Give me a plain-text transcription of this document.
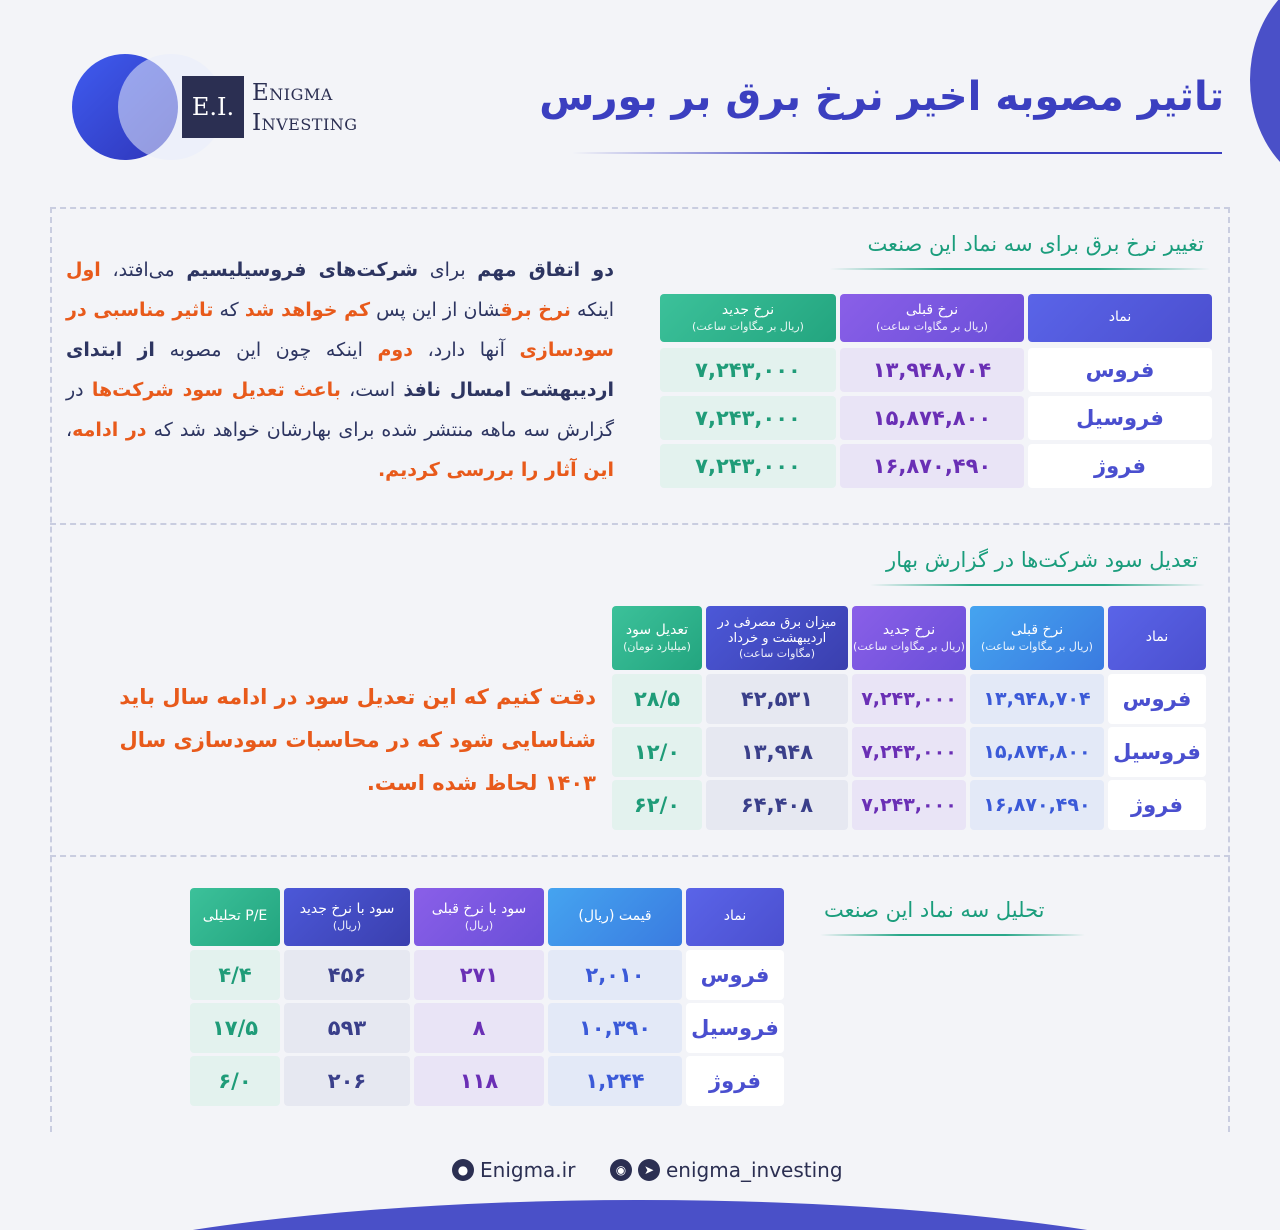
E.I. Enigma
Investing
تاثیر مصوبه اخیر نرخ برق بر بورس
تغییر نرخ برق برای سه نماد این صنعت
دو اتفاق مهم برای شرکت‌های فروسیلیسیم می‌افتد، اول اینکه نرخ برقشان از این پس کم خواهد شد که تاثیر مناسبی در سودسازی آنها دارد، دوم اینکه چون این مصوبه از ابتدای اردیبهشت امسال نافذ است، باعث تعدیل سود شرکت‌ها در گزارش سه ماهه منتشر شده برای بهارشان خواهد شد که در ادامه، این آثار را بررسی کردیم.
نماد
نرخ قبلی
(ریال بر مگاوات ساعت)
نرخ جدید
(ریال بر مگاوات ساعت)
فروس
۱۳,۹۴۸,۷۰۴
۷,۲۴۳,۰۰۰
فروسیل
۱۵,۸۷۴,۸۰۰
۷,۲۴۳,۰۰۰
فروژ
۱۶,۸۷۰,۴۹۰
۷,۲۴۳,۰۰۰
تعدیل سود شرکت‌ها در گزارش بهار
دقت کنیم که این تعدیل سود در ادامه سال باید شناسایی شود که در محاسبات سودسازی سال ۱۴۰۳ لحاظ شده است.
نماد
نرخ قبلی
(ریال بر مگاوات ساعت)
نرخ جدید
(ریال بر مگاوات ساعت)
میزان برق مصرفی در اردیبهشت و خرداد
(مگاوات ساعت)
تعدیل سود
(میلیارد تومان)
فروس
۱۳,۹۴۸,۷۰۴
۷,۲۴۳,۰۰۰
۴۲,۵۳۱
۲۸/۵
فروسیل
۱۵,۸۷۴,۸۰۰
۷,۲۴۳,۰۰۰
۱۳,۹۴۸
۱۲/۰
فروژ
۱۶,۸۷۰,۴۹۰
۷,۲۴۳,۰۰۰
۶۴,۴۰۸
۶۲/۰
تحلیل سه نماد این صنعت
نماد
قیمت (ریال)
سود با نرخ قبلی
(ریال)
سود با نرخ جدید
(ریال)
P/E تحلیلی
فروس
۲,۰۱۰
۲۷۱
۴۵۶
۴/۴
فروسیل
۱۰,۳۹۰
۸
۵۹۳
۱۷/۵
فروژ
۱,۲۴۴
۱۱۸
۲۰۶
۶/۰
● Enigma.ir	◉	➤ enigma_investing
